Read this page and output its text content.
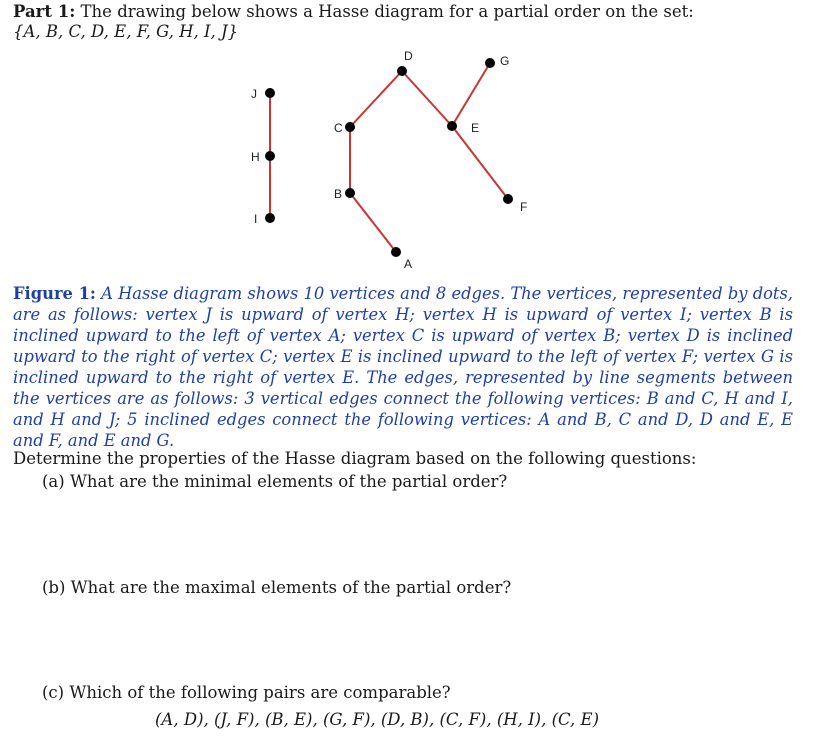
Part 1: The drawing below shows a Hasse diagram for a partial order on the set:
{A, B, C, D, E, F, G, H, I, J}
J
H
I
C
B
A
D
E
G
F
Figure 1: A Hasse diagram shows 10 vertices and 8 edges. The vertices, represented by dots, are as follows: vertex J is upward of vertex H; vertex H is upward of vertex I; vertex B is inclined upward to the left of vertex A; vertex C is upward of vertex B; vertex D is inclined upward to the right of vertex C; vertex E is inclined upward to the left of vertex F; vertex G is inclined upward to the right of vertex E. The edges, represented by line segments between the vertices are as follows: 3 vertical edges connect the following vertices: B and C, H and I, and H and J; 5 inclined edges connect the following vertices: A and B, C and D, D and E, E and F, and E and G.
Determine the properties of the Hasse diagram based on the following questions:
(a) What are the minimal elements of the partial order?
(b) What are the maximal elements of the partial order?
(c) Which of the following pairs are comparable?
(A, D), (J, F), (B, E), (G, F), (D, B), (C, F), (H, I), (C, E)
